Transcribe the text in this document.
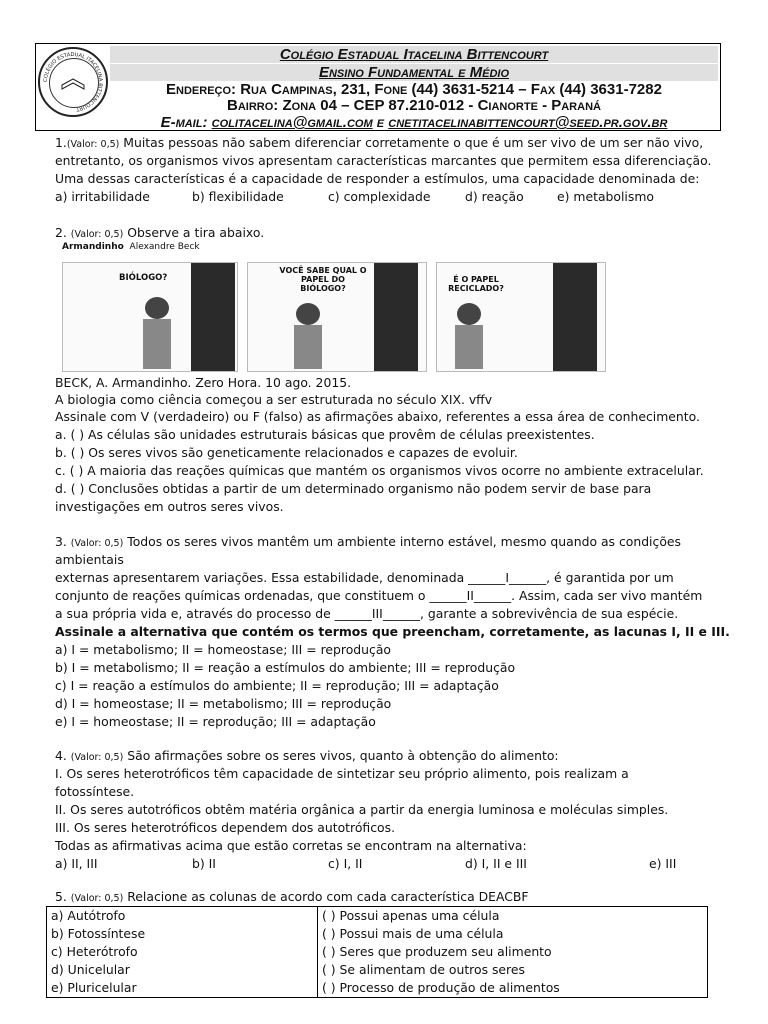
COLÉGIO ESTADUAL ITACELINA BITTENCOURT
Colégio Estadual Itacelina Bittencourt
Ensino Fundamental e Médio
Endereço: Rua Campinas, 231, Fone (44) 3631-5214 – Fax (44) 3631-7282
Bairro: Zona 04 – CEP 87.210-012 - Cianorte - Paraná
E-mail: colitacelina@gmail.com e cnetitacelinabittencourt@seed.pr.gov.br
1.(Valor: 0,5) Muitas pessoas não sabem diferenciar corretamente o que é um ser vivo de um ser não vivo,
entretanto, os organismos vivos apresentam características marcantes que permitem essa diferenciação.
Uma dessas características é a capacidade de responder a estímulos, uma capacidade denominada de:
a) irritabilidade	b) flexibilidade	c) complexidade	d) reação	e) metabolismo
2. (Valor: 0,5) Observe a tira abaixo.
Armandinho Alexandre Beck
BIÓLOGO?
VOCÊ SABE QUAL O PAPEL DO BIÓLOGO?
É O PAPEL RECICLADO?
BECK, A. Armandinho. Zero Hora. 10 ago. 2015.
A biologia como ciência começou a ser estruturada no século XIX. vffv
Assinale com V (verdadeiro) ou F (falso) as afirmações abaixo, referentes a essa área de conhecimento.
a. ( ) As células são unidades estruturais básicas que provêm de células preexistentes.
b. ( ) Os seres vivos são geneticamente relacionados e capazes de evoluir.
c. ( ) A maioria das reações químicas que mantém os organismos vivos ocorre no ambiente extracelular.
d. ( ) Conclusões obtidas a partir de um determinado organismo não podem servir de base para
investigações em outros seres vivos.
3. (Valor: 0,5) Todos os seres vivos mantêm um ambiente interno estável, mesmo quando as condições
ambientais
externas apresentarem variações. Essa estabilidade, denominada ______I______, é garantida por um
conjunto de reações químicas ordenadas, que constituem o ______II______. Assim, cada ser vivo mantém
a sua própria vida e, através do processo de ______III______, garante a sobrevivência de sua espécie.
Assinale a alternativa que contém os termos que preencham, corretamente, as lacunas I, II e III.
a) I = metabolismo; II = homeostase; III = reprodução
b) I = metabolismo; II = reação a estímulos do ambiente; III = reprodução
c) I = reação a estímulos do ambiente; II = reprodução; III = adaptação
d) I = homeostase; II = metabolismo; III = reprodução
e) I = homeostase; II = reprodução; III = adaptação
4. (Valor: 0,5) São afirmações sobre os seres vivos, quanto à obtenção do alimento:
I. Os seres heterotróficos têm capacidade de sintetizar seu próprio alimento, pois realizam a
fotossíntese.
II. Os seres autotróficos obtêm matéria orgânica a partir da energia luminosa e moléculas simples.
III. Os seres heterotróficos dependem dos autotróficos.
Todas as afirmativas acima que estão corretas se encontram na alternativa:
a) II, III	b) II	c) I, II	d) I, II e III	e) III
5. (Valor: 0,5) Relacione as colunas de acordo com cada característica DEACBF
a) Autótrofo
b) Fotossíntese
c) Heterótrofo
d) Unicelular
e) Pluricelular

( ) Possui apenas uma célula
( ) Possui mais de uma célula
( ) Seres que produzem seu alimento
( ) Se alimentam de outros seres
( ) Processo de produção de alimentos
